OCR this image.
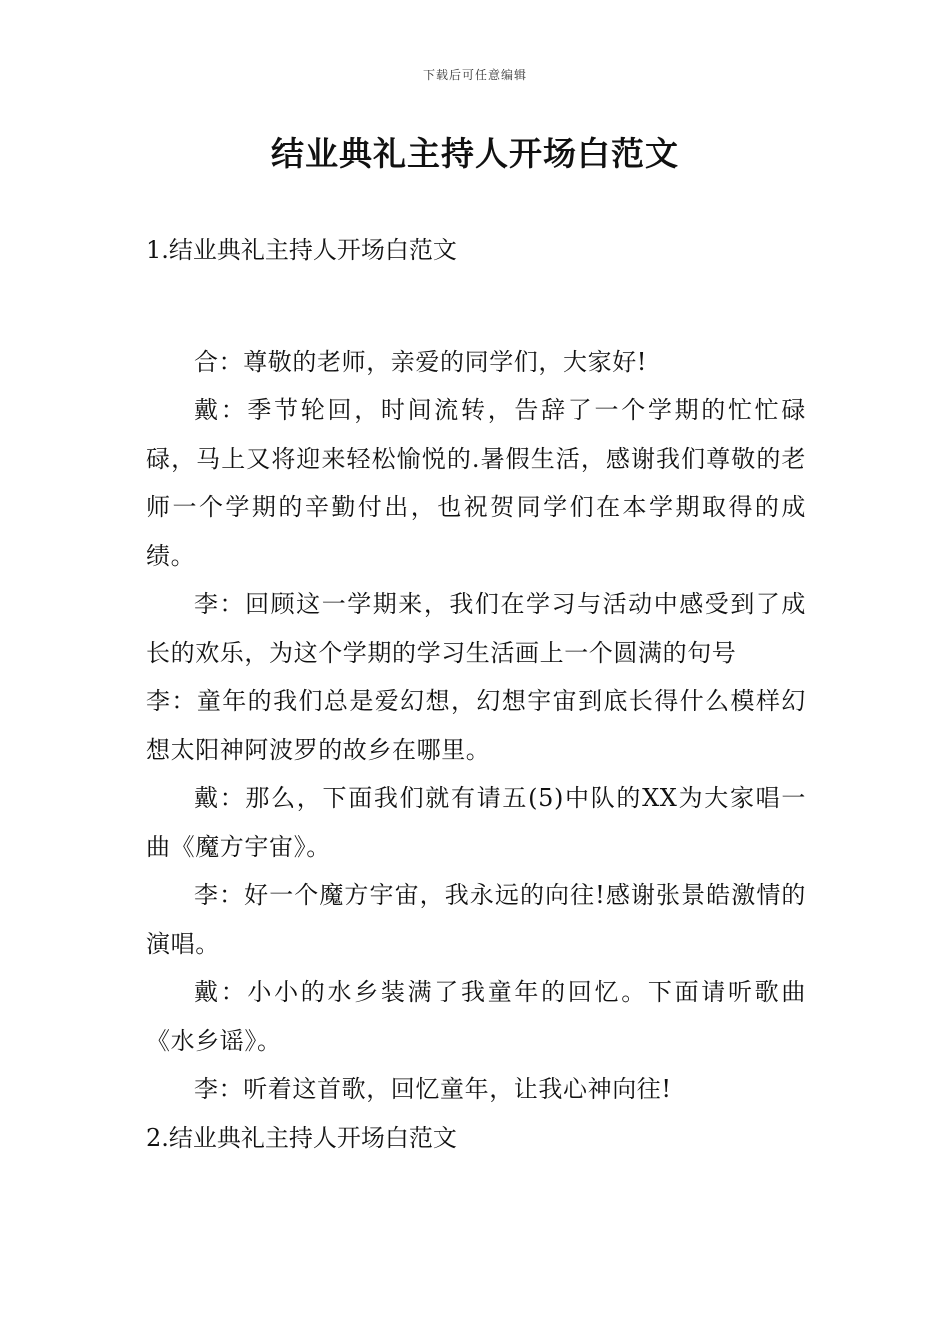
下载后可任意编辑
结业典礼主持人开场白范文
1.结业典礼主持人开场白范文

合：尊敬的老师，亲爱的同学们，大家好!

戴：季节轮回，时间流转，告辞了一个学期的忙忙碌碌，马上又将迎来轻松愉悦的.暑假生活，感谢我们尊敬的老师一个学期的辛勤付出，也祝贺同学们在本学期取得的成绩。

李：回顾这一学期来，我们在学习与活动中感受到了成长的欢乐，为这个学期的学习生活画上一个圆满的句号

李：童年的我们总是爱幻想，幻想宇宙到底长得什么模样幻想太阳神阿波罗的故乡在哪里。

戴：那么，下面我们就有请五(5)中队的XX为大家唱一曲《魔方宇宙》。

李：好一个魔方宇宙，我永远的向往!感谢张景皓激情的演唱。

戴：小小的水乡装满了我童年的回忆。下面请听歌曲《水乡谣》。

李：听着这首歌，回忆童年，让我心神向往!

2.结业典礼主持人开场白范文
